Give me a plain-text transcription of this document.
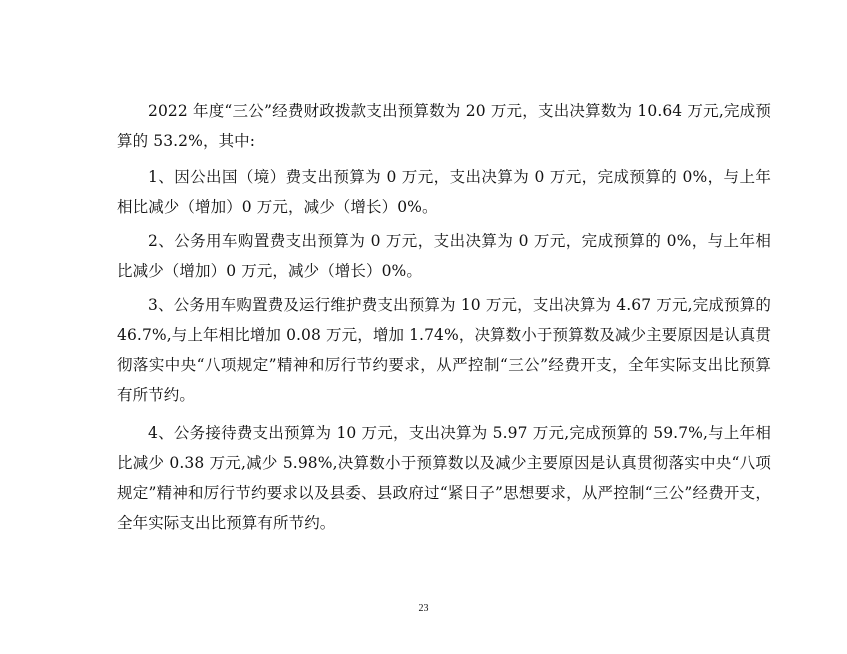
2022 年度“三公”经费财政拨款支出预算数为 20 万元，支出决算数为 10.64 万元,完成预算的 53.2%，其中:

1、因公出国（境）费支出预算为 0 万元，支出决算为 0 万元，完成预算的 0%，与上年相比减少（增加）0 万元，减少（增长）0%。

2、公务用车购置费支出预算为 0 万元，支出决算为 0 万元，完成预算的 0%，与上年相比减少（增加）0 万元，减少（增长）0%。

3、公务用车购置费及运行维护费支出预算为 10 万元，支出决算为 4.67 万元,完成预算的 46.7%,与上年相比增加 0.08 万元，增加 1.74%，决算数小于预算数及减少主要原因是认真贯彻落实中央“八项规定”精神和厉行节约要求，从严控制“三公”经费开支，全年实际支出比预算有所节约。

4、公务接待费支出预算为 10 万元，支出决算为 5.97 万元,完成预算的 59.7%,与上年相比减少 0.38 万元,减少 5.98%,决算数小于预算数以及减少主要原因是认真贯彻落实中央“八项规定”精神和厉行节约要求以及县委、县政府过“紧日子”思想要求，从严控制“三公”经费开支，全年实际支出比预算有所节约。

23
